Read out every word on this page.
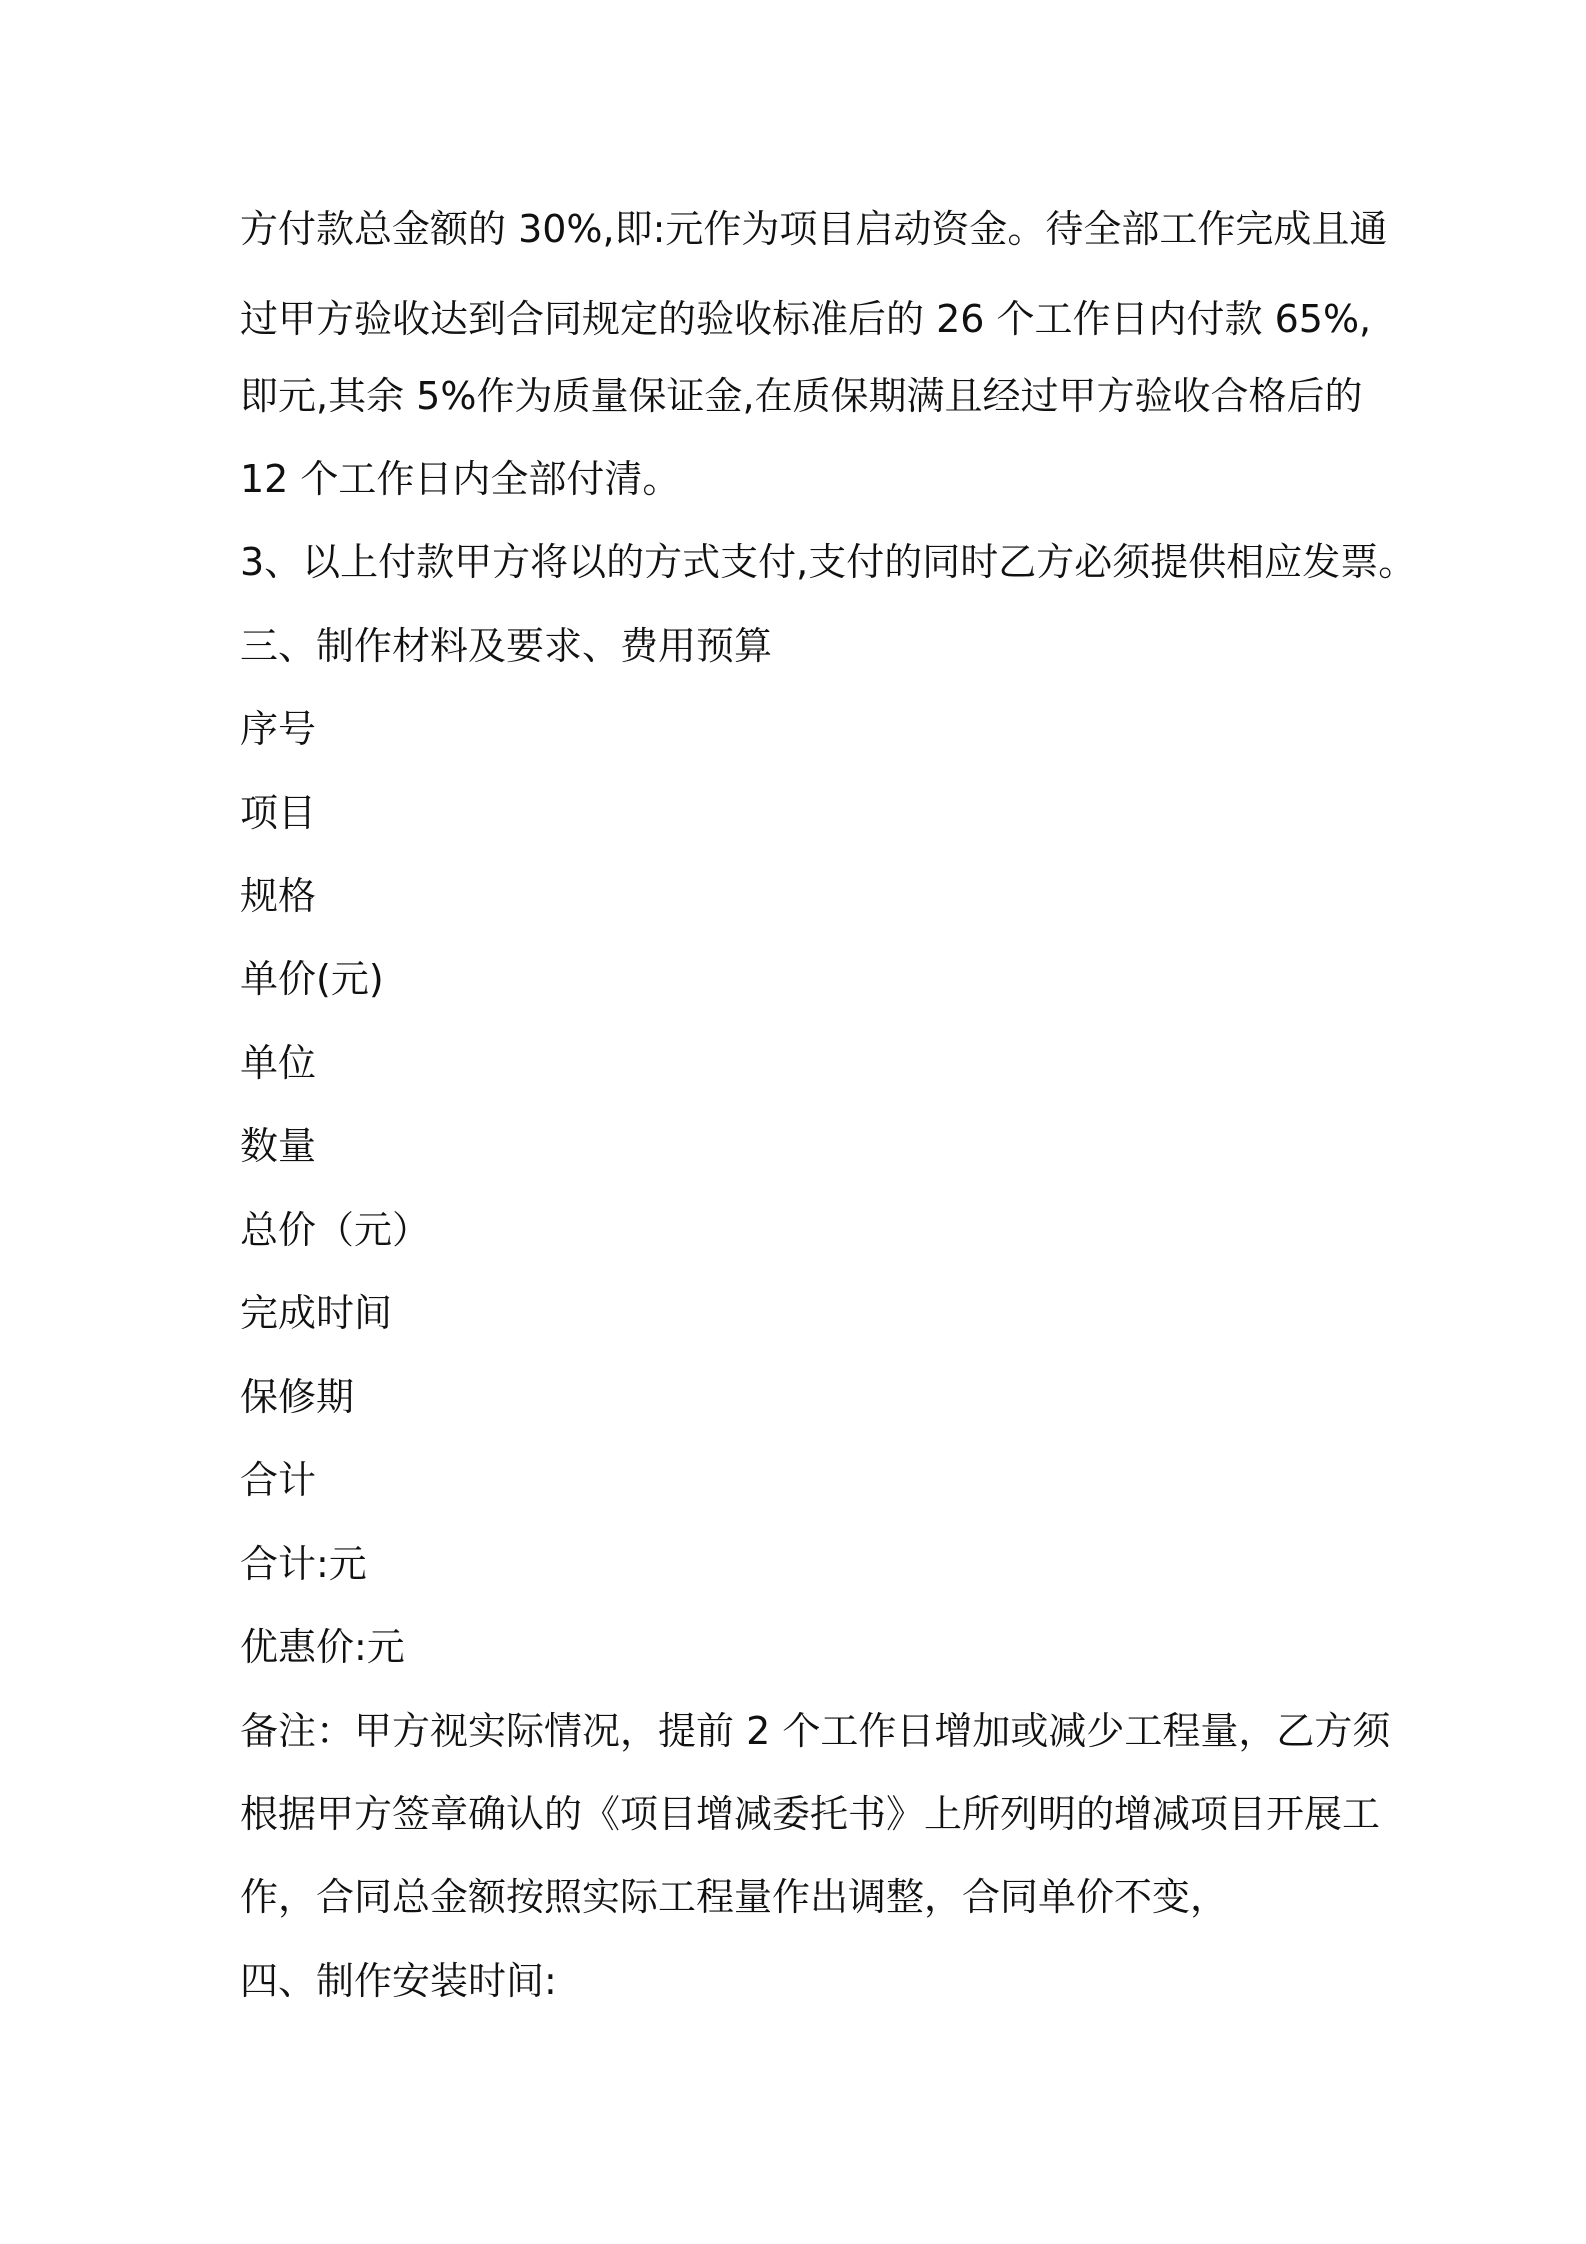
方付款总金额的 30%,即:元作为项目启动资金。待全部工作完成且通
过甲方验收达到合同规定的验收标准后的 26 个工作日内付款 65%,
即元,其余 5%作为质量保证金,在质保期满且经过甲方验收合格后的
12 个工作日内全部付清。
3、以上付款甲方将以的方式支付,支付的同时乙方必须提供相应发票。
三、制作材料及要求、费用预算
序号
项目
规格
单价(元)
单位
数量
总价（元）
完成时间
保修期
合计
合计:元
优惠价:元
备注：甲方视实际情况，提前 2 个工作日增加或减少工程量，乙方须
根据甲方签章确认的《项目增减委托书》上所列明的增减项目开展工
作，合同总金额按照实际工程量作出调整，合同单价不变，
四、制作安装时间:
